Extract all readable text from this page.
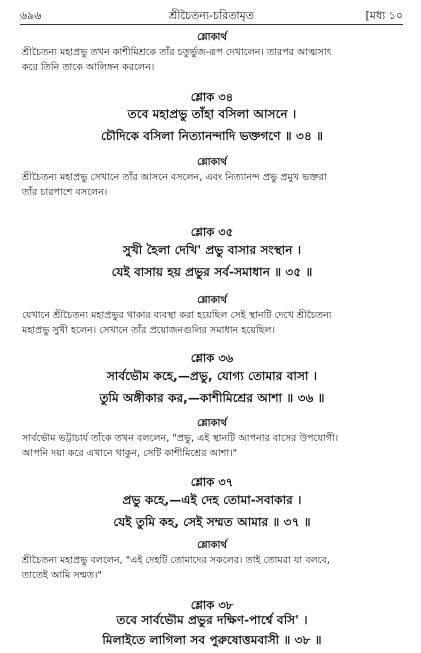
৬৯৬	শ্রীচৈতন্য-চরিতামৃত	[মধ্য ১০
শ্লোকার্থ
শ্রীচৈতন্য মহাপ্রভু তখন কাশীমিশ্রকে তাঁর চতুর্ভুজ-রূপ দেখালেন। তারপর আত্মসাৎ
করে তিনি তাকে আলিঙ্গন করলেন।
শ্লোক ৩৪
তবে মহাপ্রভু তাঁহা বসিলা আসনে ।
চৌদিকে বসিলা নিত্যানন্দাদি ভক্তগণে ॥ ৩৪ ॥
শ্লোকার্থ
শ্রীচৈতন্য মহাপ্রভু সেখানে তাঁর আসনে বসলেন, এবং নিত্যানন্দ প্রভু প্রমুখ ভক্তরা
তাঁর চারপাশে বসলেন।
শ্লোক ৩৫
সুখী হৈলা দেখি' প্রভু বাসার সংস্থান ।
যেই বাসায় হয় প্রভুর সর্ব-সমাধান ॥ ৩৫ ॥
শ্লোকার্থ
যেখানে শ্রীচৈতন্য মহাপ্রভুর থাকার ব্যবস্থা করা হয়েছিল সেই স্থানটি দেখে শ্রীচৈতন্য
মহাপ্রভু সুখী হলেন। সেখানে তাঁর প্রয়োজনগুলির সমাধান হয়েছিল।
শ্লোক ৩৬
সার্বভৌম কহে,—প্রভু, যোগ্য তোমার বাসা ।
তুমি অঙ্গীকার কর,—কাশীমিশ্রের আশা ॥ ৩৬ ॥
শ্লোকার্থ
সার্বভৌম ভট্টাচার্য তাঁকে তখন বললেন, "প্রভু, এই স্থানটি আপনার বাসের উপযোগী।
আপনি দয়া করে এখানে থাকুন, সেটি কাশীমিশ্রের আশা।"
শ্লোক ৩৭
প্রভু কহে,—এই দেহ তোমা-সবাকার ।
যেই তুমি কহ, সেই সম্মত আমার ॥ ৩৭ ॥
শ্লোকার্থ
শ্রীচৈতন্য মহাপ্রভু বললেন, "এই দেহটি তোমাদের সকলের। তাই তোমরা যা বলবে,
তাতেই আমি সম্মত।"
শ্লোক ৩৮
তবে সার্বভৌম প্রভুর দক্ষিণ-পার্শ্বে বসি' ।
মিলাইতে লাগিলা সব পুরুষোত্তমবাসী ॥ ৩৮ ॥
